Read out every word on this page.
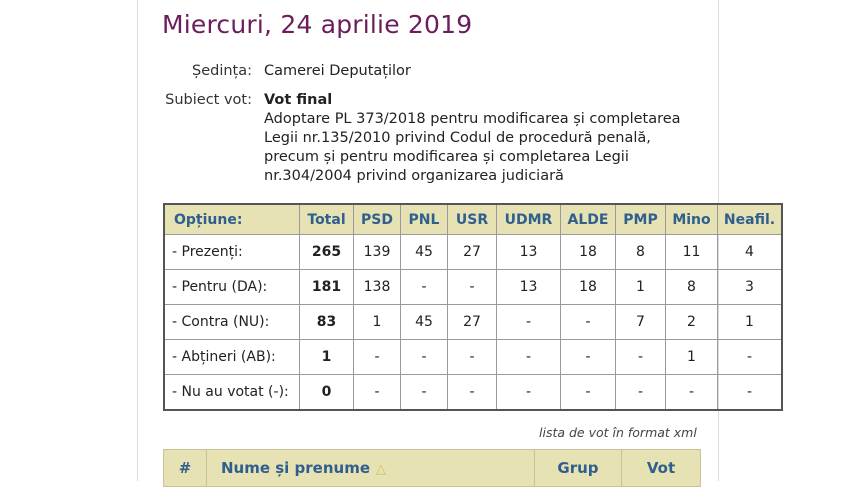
Miercuri, 24 aprilie 2019
Ședința: Camerei Deputaților
Subiect vot: Vot final
Adoptare PL 373/2018 pentru modificarea și completarea
Legii nr.135/2010 privind Codul de procedură penală,
precum și pentru modificarea și completarea Legii
nr.304/2004 privind organizarea judiciară
Opțiune:	Total	PSD	PNL	USR	UDMR	ALDE	PMP	Mino	Neafil.
- Prezenți:	265	139	45	27	13	18	8	11	4
- Pentru (DA):	181	138	-	-	13	18	1	8	3
- Contra (NU):	83	1	45	27	-	-	7	2	1
- Abțineri (AB):	1	-	-	-	-	-	-	1	-
- Nu au votat (-):	0	-	-	-	-	-	-	-	-
lista de vot în format xml
#	Nume și prenume △	Grup	Vot
